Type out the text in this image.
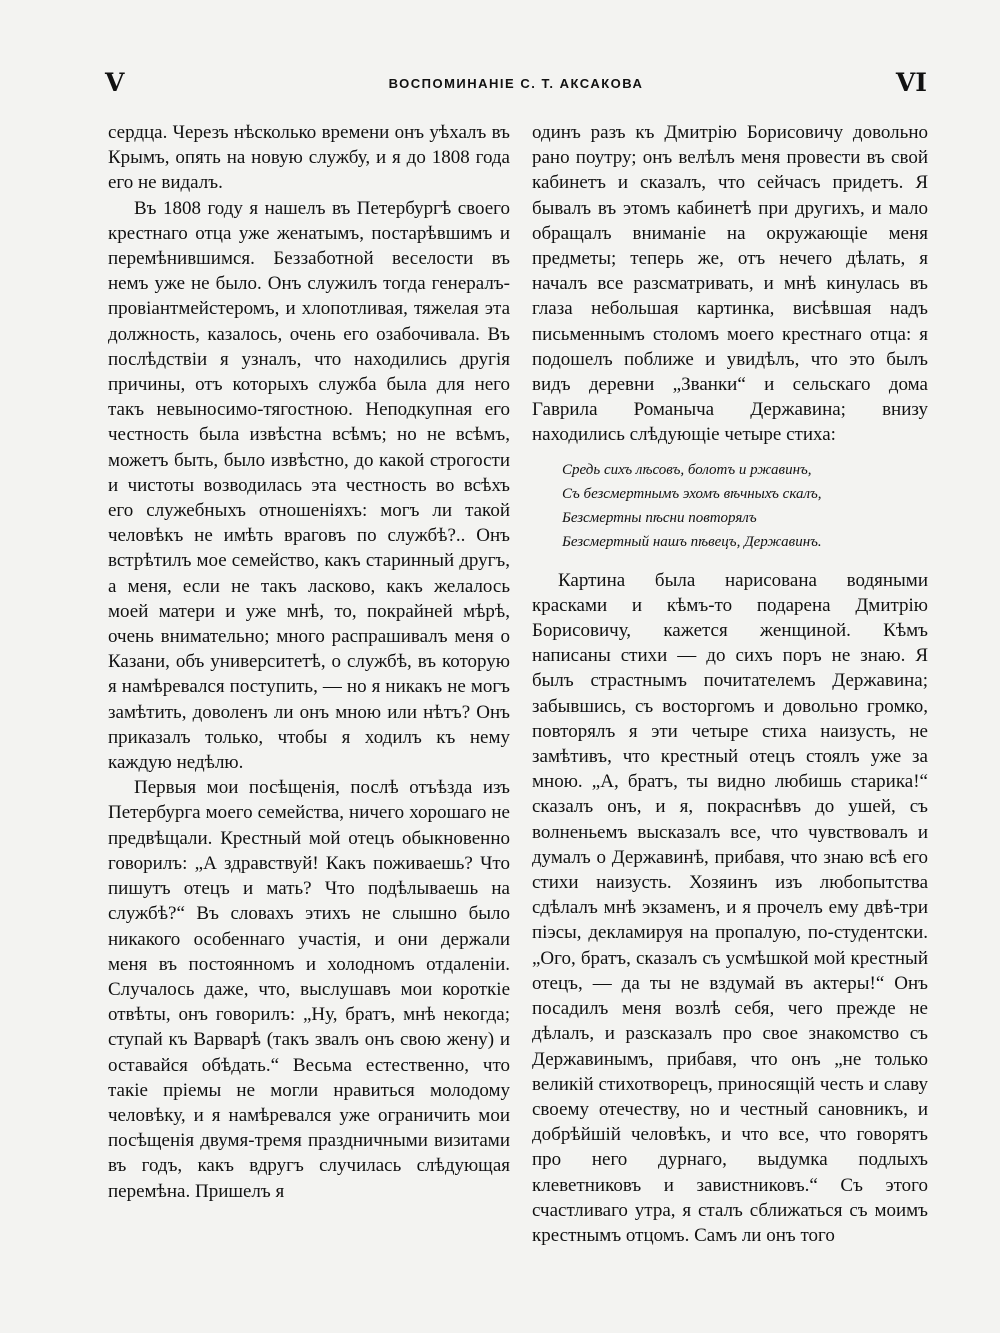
V	ВОСПОМИНАНІЕ С. Т. АКСАКОВА	VI

сердца. Черезъ нѣсколько времени онъ уѣхалъ въ Крымъ, опять на новую службу, и я до 1808 года его не видалъ.

Въ 1808 году я нашелъ въ Петербургѣ своего крестнаго отца уже женатымъ, постарѣвшимъ и перемѣнившимся. Беззаботной веселости въ немъ уже не было. Онъ служилъ тогда генералъ-провіантмейстеромъ, и хлопотливая, тяжелая эта должность, казалось, очень его озабочивала. Въ послѣдствіи я узналъ, что находились другія причины, отъ которыхъ служба была для него такъ невыносимо-тягостною. Неподкупная его честность была извѣстна всѣмъ; но не всѣмъ, можетъ быть, было извѣстно, до какой строгости и чистоты возводилась эта честность во всѣхъ его служебныхъ отношеніяхъ: могъ ли такой человѣкъ не имѣть враговъ по службѣ?.. Онъ встрѣтилъ мое семейство, какъ старинный другъ, а меня, если не такъ ласково, какъ желалось моей матери и уже мнѣ, то, покрайней мѣрѣ, очень внимательно; много распрашивалъ меня о Казани, объ университетѣ, о службѣ, въ которую я намѣревался поступить, — но я никакъ не могъ замѣтить, доволенъ ли онъ мною или нѣтъ? Онъ приказалъ только, чтобы я ходилъ къ нему каждую недѣлю.

Первыя мои посѣщенія, послѣ отъѣзда изъ Петербурга моего семейства, ничего хорошаго не предвѣщали. Крестный мой отецъ обыкновенно говорилъ: „А здравствуй! Какъ поживаешь? Что пишутъ отецъ и мать? Что подѣлываешь на службѣ?“ Въ словахъ этихъ не слышно было никакого особеннаго участія, и они держали меня въ постоянномъ и холодномъ отдаленіи. Случалось даже, что, выслушавъ мои короткіе отвѣты, онъ говорилъ: „Ну, братъ, мнѣ некогда; ступай къ Варварѣ (такъ звалъ онъ свою жену) и оставайся обѣдать.“ Весьма естественно, что такіе пріемы не могли нравиться молодому человѣку, и я намѣревался уже ограничить мои посѣщенія двумя-тремя праздничными визитами въ годъ, какъ вдругъ случилась слѣдующая перемѣна. Пришелъ я

одинъ разъ къ Дмитрію Борисовичу довольно рано поутру; онъ велѣлъ меня провести въ свой кабинетъ и сказалъ, что сейчасъ придетъ. Я бывалъ въ этомъ кабинетѣ при другихъ, и мало обращалъ вниманіе на окружающіе меня предметы; теперь же, отъ нечего дѣлать, я началъ все разсматривать, и мнѣ кинулась въ глаза небольшая картинка, висѣвшая надъ письменнымъ столомъ моего крестнаго отца: я подошелъ поближе и увидѣлъ, что это былъ видъ деревни „Званки“ и сельскаго дома Гаврила Романыча Державина; внизу находились слѣдующіе четыре стиха:

Средь сихъ лѣсовъ, болотъ и ржавинъ,
Съ безсмертнымъ эхомъ вѣчныхъ скалъ,
Безсмертны пѣсни повторялъ
Безсмертный нашъ пѣвецъ, Державинъ.

Картина была нарисована водяными красками и кѣмъ-то подарена Дмитрію Борисовичу, кажется женщиной. Кѣмъ написаны стихи — до сихъ поръ не знаю. Я былъ страстнымъ почитателемъ Державина; забывшись, съ восторгомъ и довольно громко, повторялъ я эти четыре стиха наизусть, не замѣтивъ, что крестный отецъ стоялъ уже за мною. „А, братъ, ты видно любишь старика!“ сказалъ онъ, и я, покраснѣвъ до ушей, съ волненьемъ высказалъ все, что чувствовалъ и думалъ о Державинѣ, прибавя, что знаю всѣ его стихи наизусть. Хозяинъ изъ любопытства сдѣлалъ мнѣ экзаменъ, и я прочелъ ему двѣ-три піэсы, декламируя на пропалую, по-студентски. „Ого, братъ, сказалъ съ усмѣшкой мой крестный отецъ, — да ты не вздумай въ актеры!“ Онъ посадилъ меня возлѣ себя, чего прежде не дѣлалъ, и разсказалъ про свое знакомство съ Державинымъ, прибавя, что онъ „не только великій стихотворецъ, приносящій честь и славу своему отечеству, но и честный сановникъ, и добрѣйшій человѣкъ, и что все, что говорятъ про него дурнаго, выдумка подлыхъ клеветниковъ и завистниковъ.“ Съ этого счастливаго утра, я сталъ сближаться съ моимъ крестнымъ отцомъ. Самъ ли онъ того
